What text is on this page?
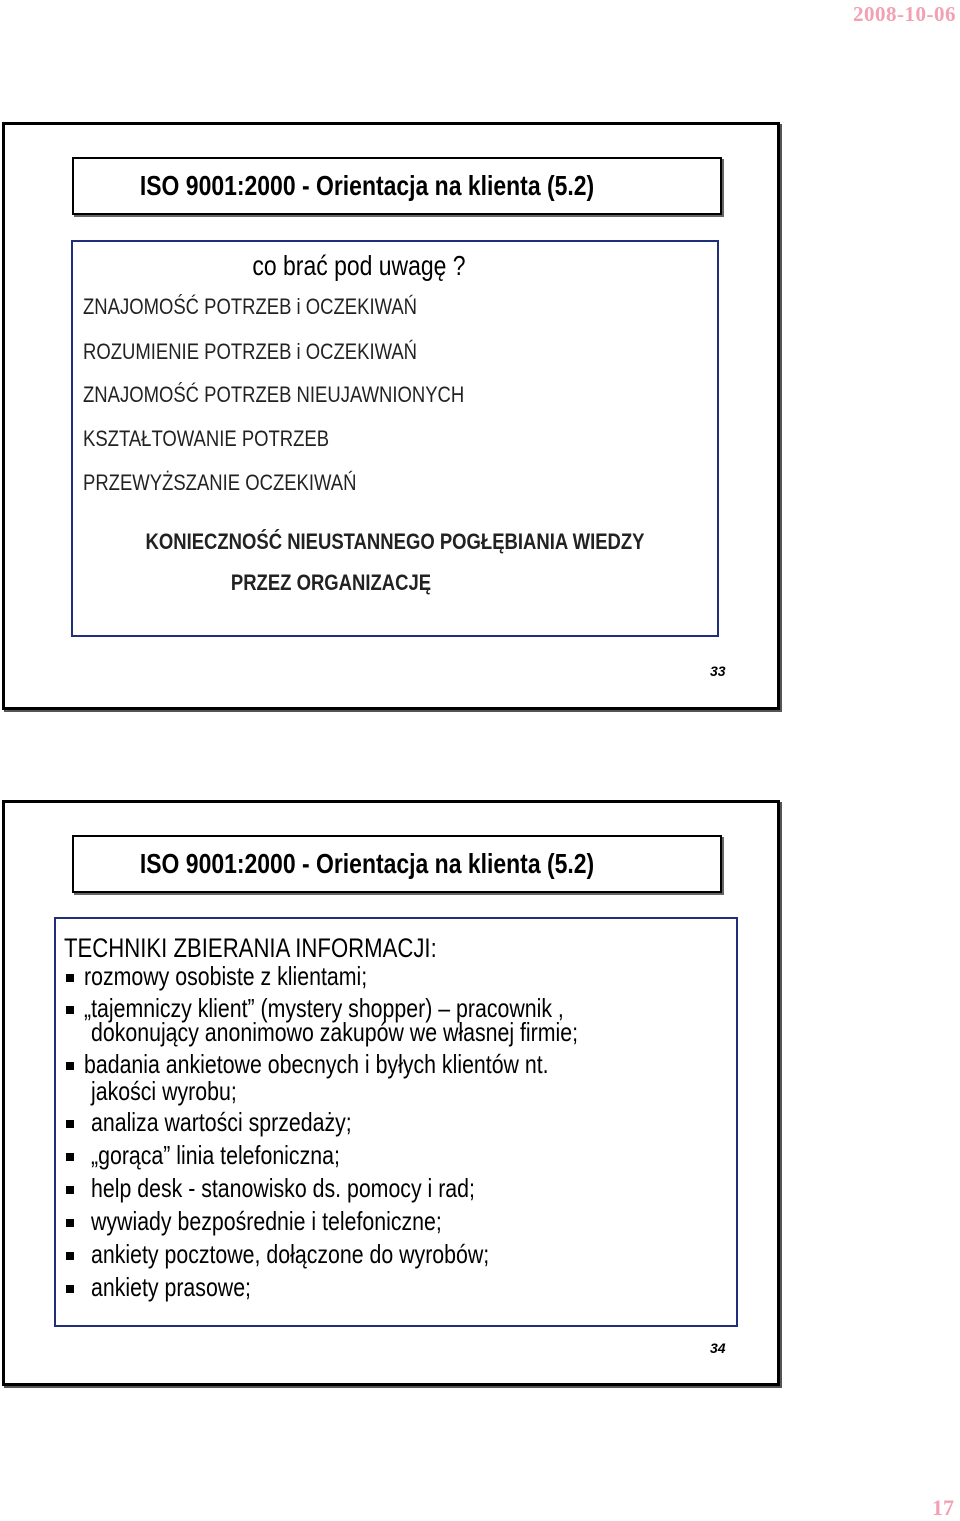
2008-10-06
ISO 9001:2000 - Orientacja na klienta (5.2)
co brać pod uwagę ?
ZNAJOMOŚĆ POTRZEB i OCZEKIWAŃ
ROZUMIENIE POTRZEB i OCZEKIWAŃ
ZNAJOMOŚĆ POTRZEB NIEUJAWNIONYCH
KSZTAŁTOWANIE POTRZEB
PRZEWYŻSZANIE OCZEKIWAŃ
KONIECZNOŚĆ NIEUSTANNEGO POGŁĘBIANIA WIEDZY
PRZEZ ORGANIZACJĘ
33
ISO 9001:2000 - Orientacja na klienta (5.2)
TECHNIKI ZBIERANIA INFORMACJI:
rozmowy osobiste z klientami;
„tajemniczy klient” (mystery shopper) – pracownik ,
dokonujący anonimowo zakupów we własnej firmie;
badania ankietowe obecnych i byłych klientów nt.
jakości wyrobu;
analiza wartości sprzedaży;
„gorąca” linia telefoniczna;
help desk - stanowisko ds. pomocy i rad;
wywiady bezpośrednie i telefoniczne;
ankiety pocztowe, dołączone do wyrobów;
ankiety prasowe;
34
17
